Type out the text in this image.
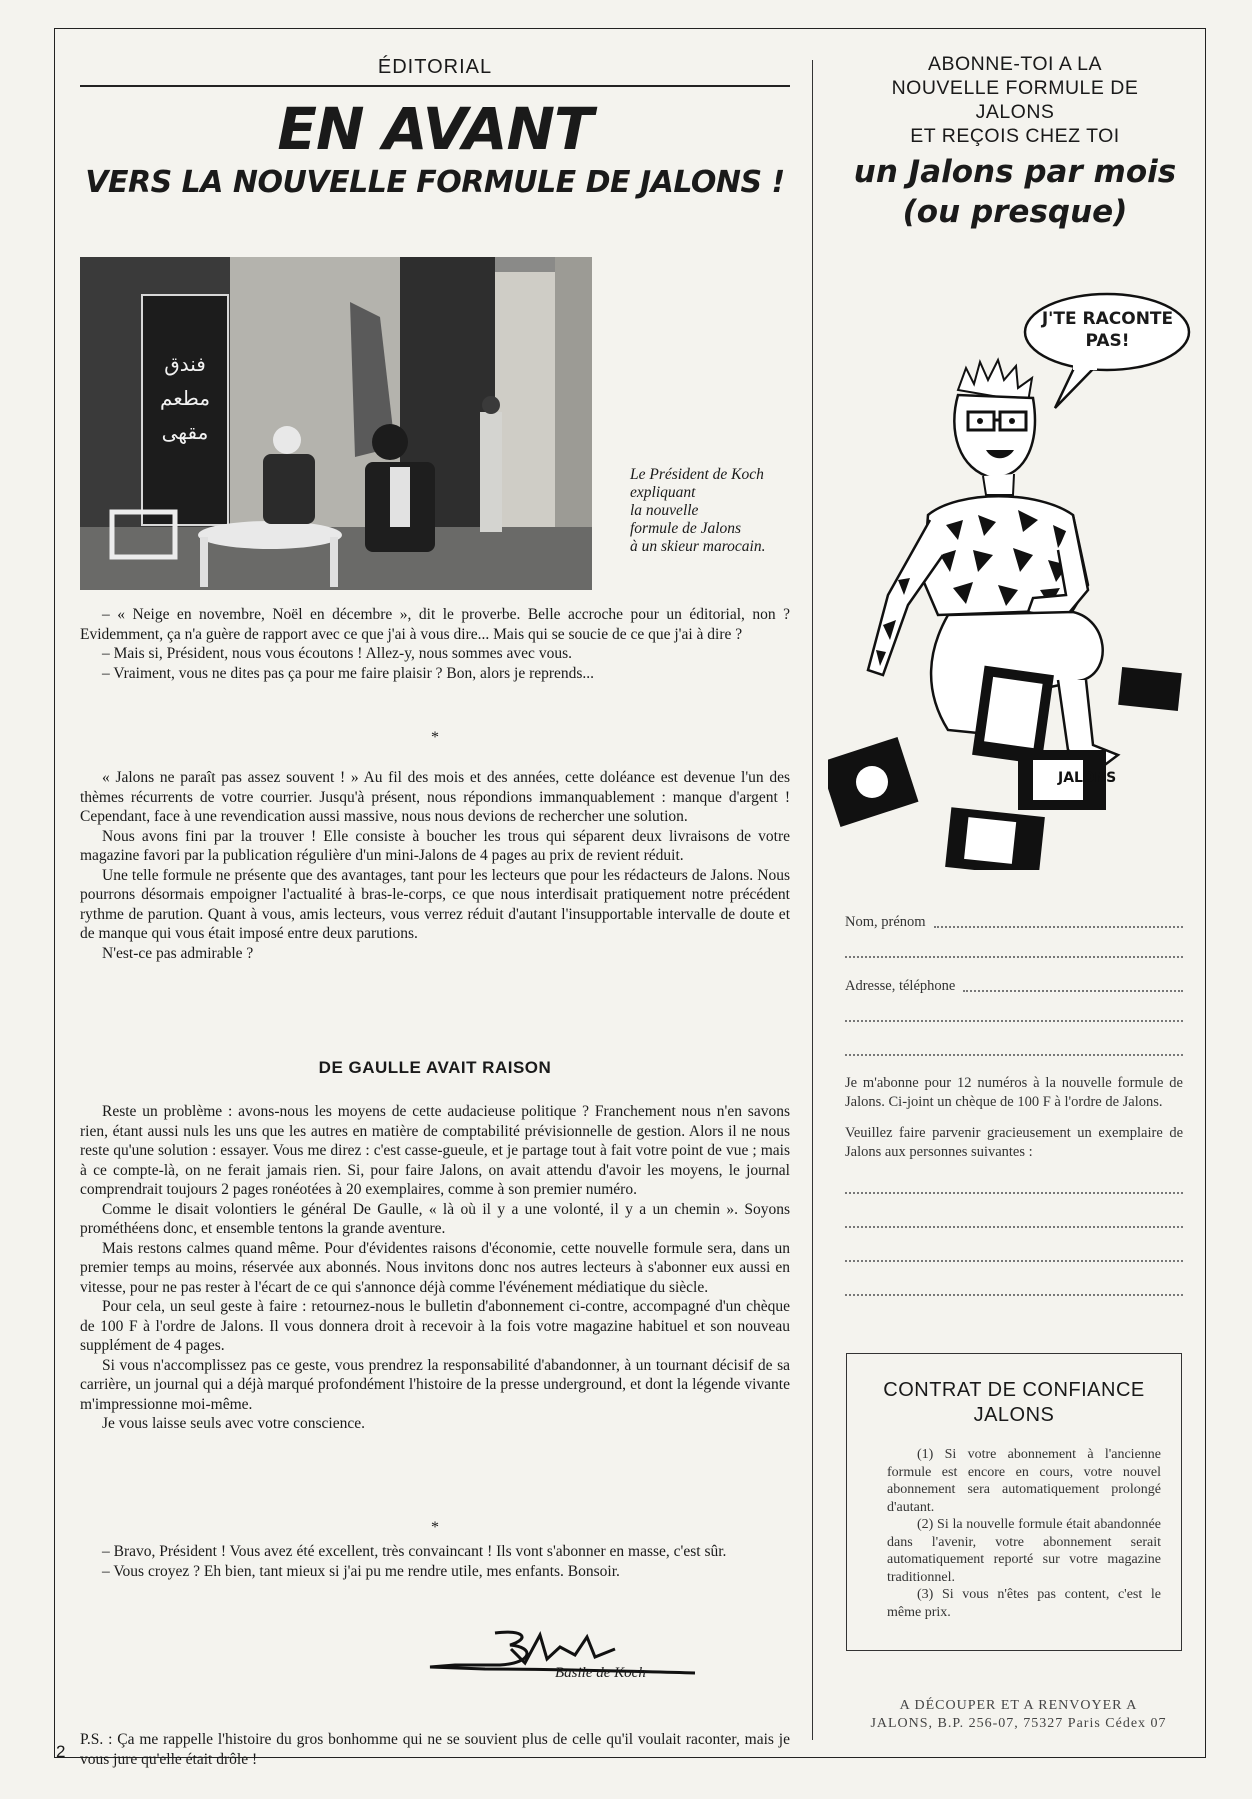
ÉDITORIAL
EN AVANT
VERS LA NOUVELLE FORMULE DE JALONS !
فندق مطعم مقهى
Le Président de Koch
expliquant
la nouvelle
formule de Jalons
à un skieur marocain.

– « Neige en novembre, Noël en décembre », dit le proverbe. Belle accroche pour un éditorial, non ? Evidemment, ça n'a guère de rapport avec ce que j'ai à vous dire... Mais qui se soucie de ce que j'ai à dire ?

– Mais si, Président, nous vous écoutons ! Allez-y, nous sommes avec vous.

– Vraiment, vous ne dites pas ça pour me faire plaisir ? Bon, alors je reprends...

*

« Jalons ne paraît pas assez souvent ! » Au fil des mois et des années, cette doléance est devenue l'un des thèmes récurrents de votre courrier. Jusqu'à présent, nous répondions immanquablement : manque d'argent ! Cependant, face à une revendication aussi massive, nous nous devions de rechercher une solution.

Nous avons fini par la trouver ! Elle consiste à boucher les trous qui séparent deux livraisons de votre magazine favori par la publication régulière d'un mini-Jalons de 4 pages au prix de revient réduit.

Une telle formule ne présente que des avantages, tant pour les lecteurs que pour les rédacteurs de Jalons. Nous pourrons désormais empoigner l'actualité à bras-le-corps, ce que nous interdisait pratiquement notre précédent rythme de parution. Quant à vous, amis lecteurs, vous verrez réduit d'autant l'insupportable intervalle de doute et de manque qui vous était imposé entre deux parutions.

N'est-ce pas admirable ?

DE GAULLE AVAIT RAISON

Reste un problème : avons-nous les moyens de cette audacieuse politique ? Franchement nous n'en savons rien, étant aussi nuls les uns que les autres en matière de comptabilité prévisionnelle de gestion. Alors il ne nous reste qu'une solution : essayer. Vous me direz : c'est casse-gueule, et je partage tout à fait votre point de vue ; mais à ce compte-là, on ne ferait jamais rien. Si, pour faire Jalons, on avait attendu d'avoir les moyens, le journal comprendrait toujours 2 pages ronéotées à 20 exemplaires, comme à son premier numéro.

Comme le disait volontiers le général De Gaulle, « là où il y a une volonté, il y a un chemin ». Soyons prométhéens donc, et ensemble tentons la grande aventure.

Mais restons calmes quand même. Pour d'évidentes raisons d'économie, cette nouvelle formule sera, dans un premier temps au moins, réservée aux abonnés. Nous invitons donc nos autres lecteurs à s'abonner eux aussi en vitesse, pour ne pas rester à l'écart de ce qui s'annonce déjà comme l'événement médiatique du siècle.

Pour cela, un seul geste à faire : retournez-nous le bulletin d'abonnement ci-contre, accompagné d'un chèque de 100 F à l'ordre de Jalons. Il vous donnera droit à recevoir à la fois votre magazine habituel et son nouveau supplément de 4 pages.

Si vous n'accomplissez pas ce geste, vous prendrez la responsabilité d'abandonner, à un tournant décisif de sa carrière, un journal qui a déjà marqué profondément l'histoire de la presse underground, et dont la légende vivante m'impressionne moi-même.

Je vous laisse seuls avec votre conscience.

*

– Bravo, Président ! Vous avez été excellent, très convaincant ! Ils vont s'abonner en masse, c'est sûr.

– Vous croyez ? Eh bien, tant mieux si j'ai pu me rendre utile, mes enfants. Bonsoir.

P.S. : Ça me rappelle l'histoire du gros bonhomme qui ne se souvient plus de celle qu'il voulait raconter, mais je vous jure qu'elle était drôle !

Basile de Koch
2
ABONNE-TOI A LA
NOUVELLE FORMULE DE
JALONS
ET REÇOIS CHEZ TOI
un Jalons par mois
(ou presque)
J'TE RACONTE
PAS!
JALONS
Nom, prénom
Adresse, téléphone

Je m'abonne pour 12 numéros à la nouvelle formule de Jalons. Ci-joint un chèque de 100 F à l'ordre de Jalons.

Veuillez faire parvenir gracieusement un exemplaire de Jalons aux personnes suivantes :

CONTRAT DE CONFIANCE
JALONS

(1) Si votre abonnement à l'ancienne formule est encore en cours, votre nouvel abonnement sera automatiquement prolongé d'autant.

(2) Si la nouvelle formule était abandonnée dans l'avenir, votre abonnement serait automatiquement reporté sur votre magazine traditionnel.

(3) Si vous n'êtes pas content, c'est le même prix.

A DÉCOUPER ET A RENVOYER A
JALONS, B.P. 256-07, 75327 Paris Cédex 07
